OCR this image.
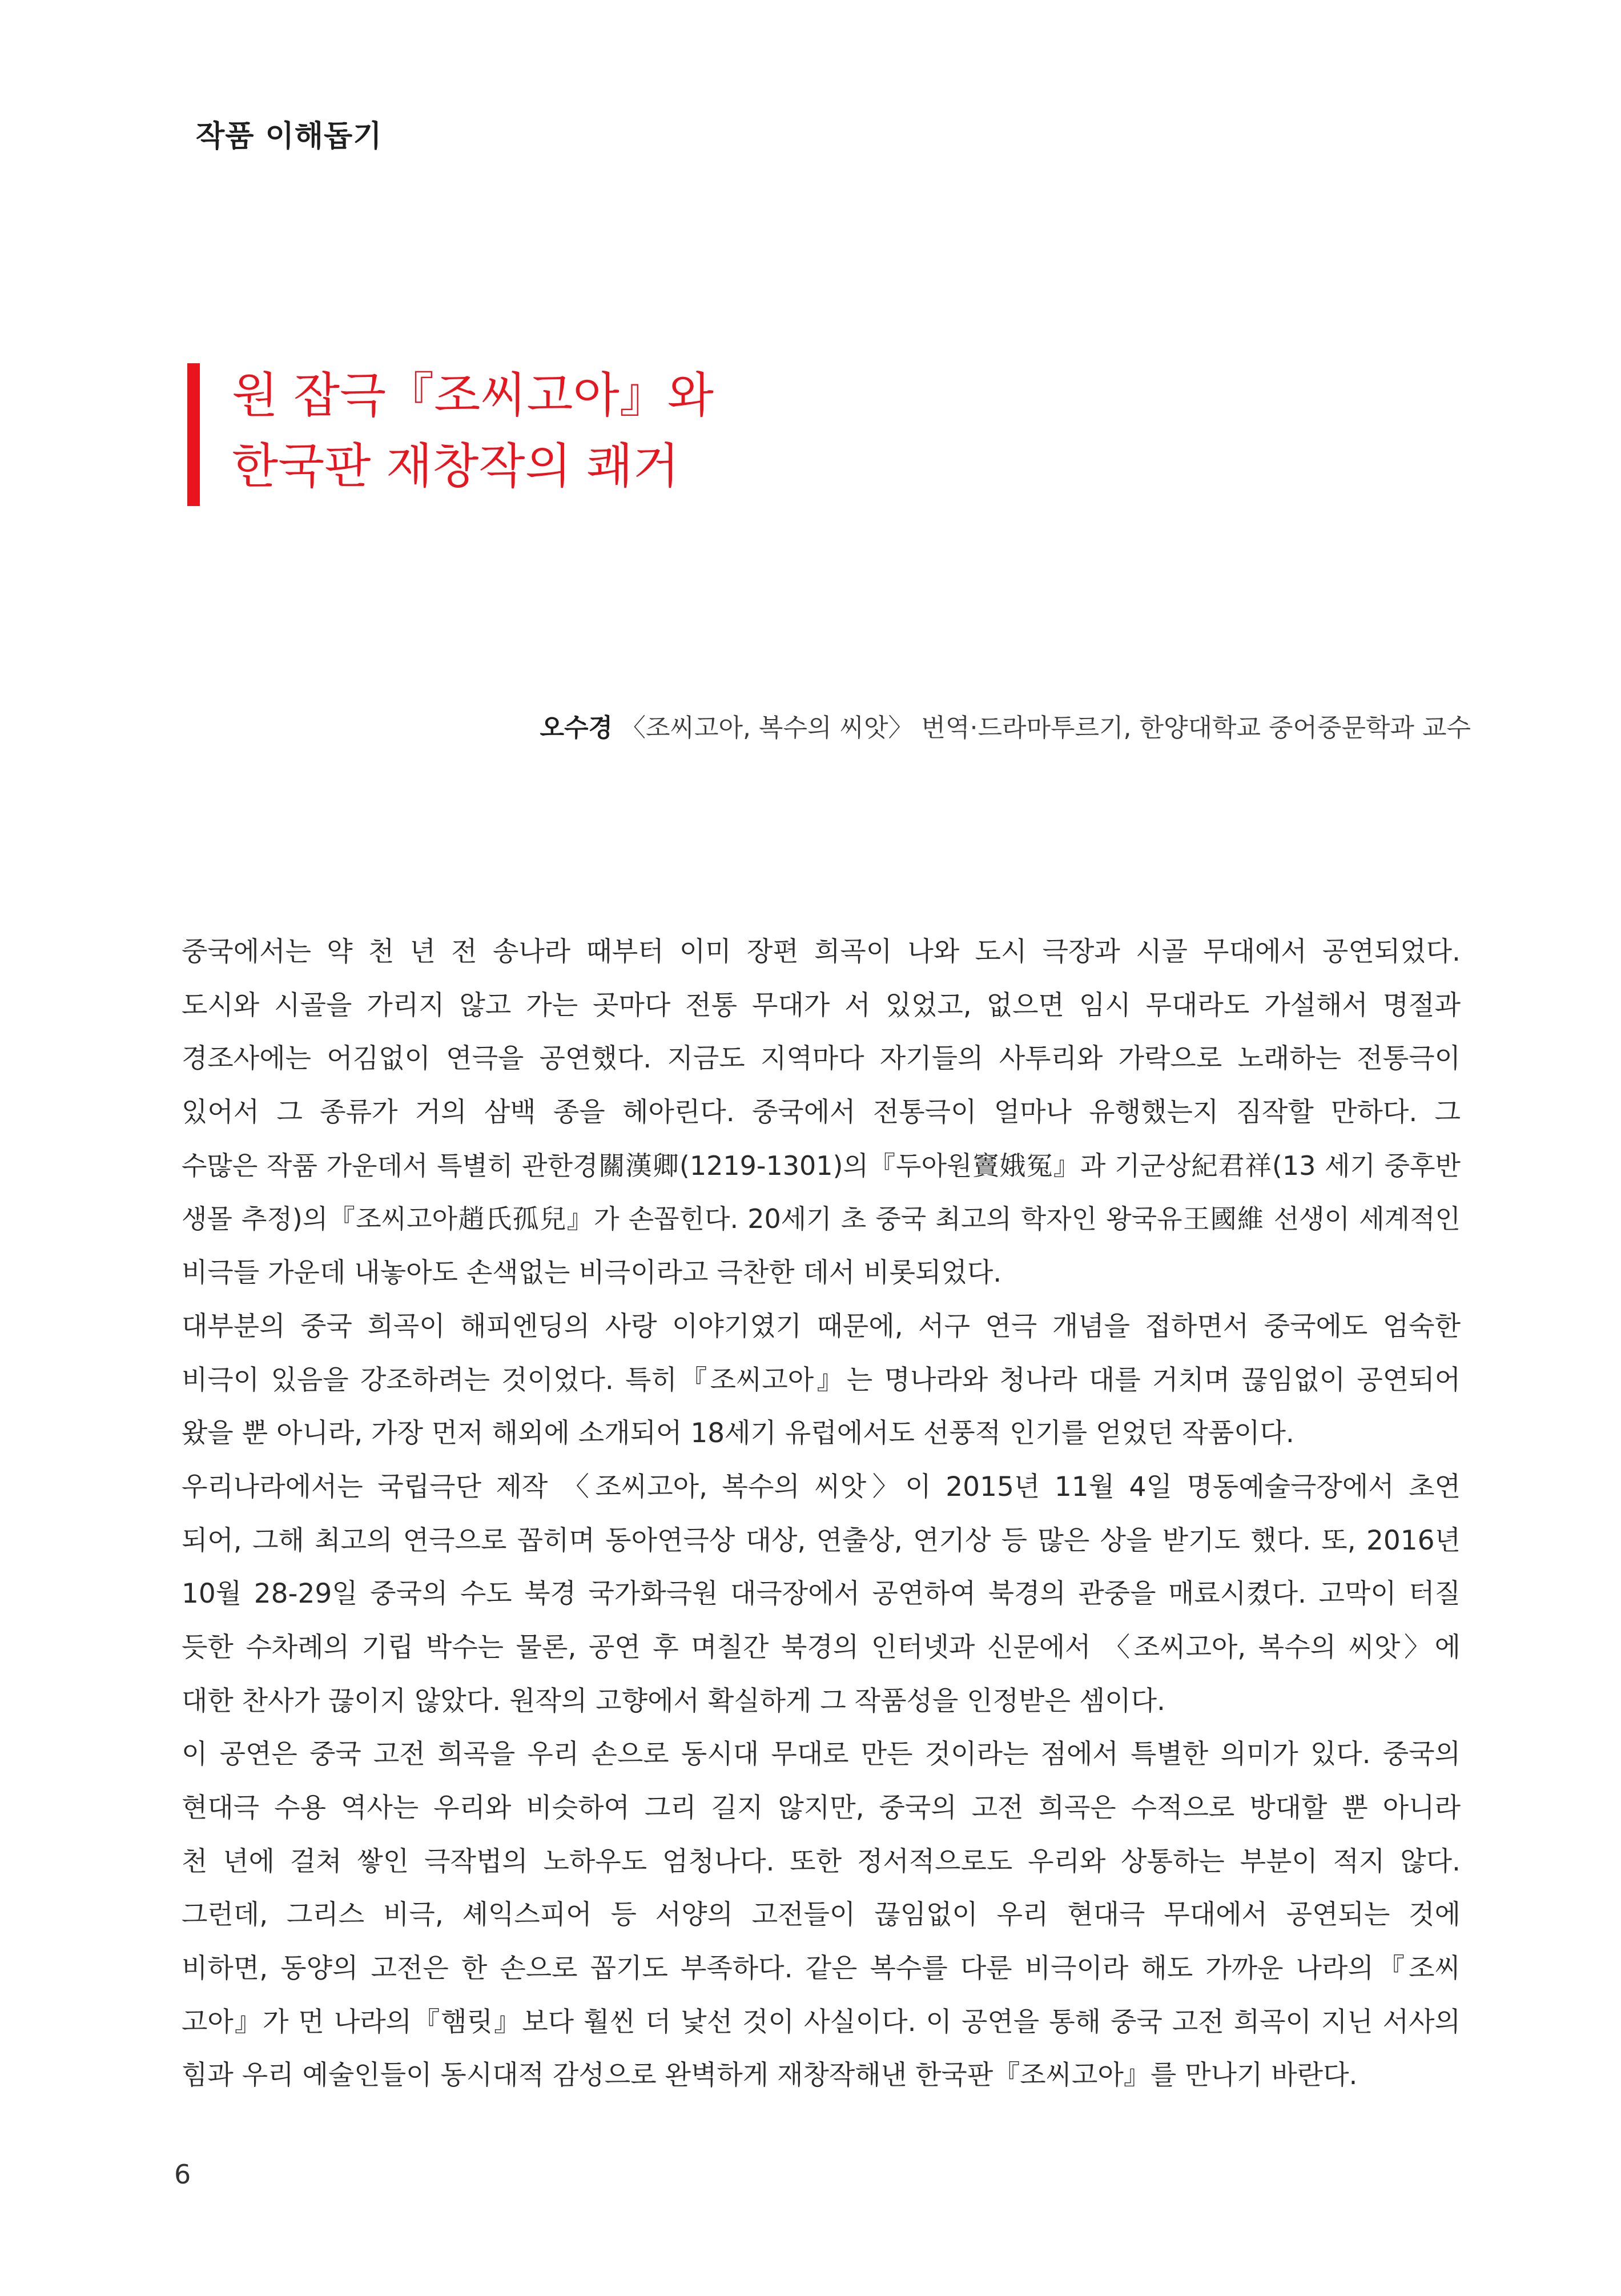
작품 이해돕기
원 잡극『조씨고아』와
한국판 재창작의 쾌거
오수경 〈조씨고아, 복수의 씨앗〉 번역·드라마투르기, 한양대학교 중어중문학과 교수
중국에서는 약 천 년 전 송나라 때부터 이미 장편 희곡이 나와 도시 극장과 시골 무대에서 공연되었다.
도시와 시골을 가리지 않고 가는 곳마다 전통 무대가 서 있었고, 없으면 임시 무대라도 가설해서 명절과
경조사에는 어김없이 연극을 공연했다. 지금도 지역마다 자기들의 사투리와 가락으로 노래하는 전통극이
있어서 그 종류가 거의 삼백 종을 헤아린다. 중국에서 전통극이 얼마나 유행했는지 짐작할 만하다. 그
수많은 작품 가운데서 특별히 관한경關漢卿(1219-1301)의『두아원竇娥冤』과 기군상紀君祥(13 세기 중후반
생몰 추정)의『조씨고아趙氏孤兒』가 손꼽힌다. 20세기 초 중국 최고의 학자인 왕국유王國維 선생이 세계적인
비극들 가운데 내놓아도 손색없는 비극이라고 극찬한 데서 비롯되었다.
대부분의 중국 희곡이 해피엔딩의 사랑 이야기였기 때문에, 서구 연극 개념을 접하면서 중국에도 엄숙한
비극이 있음을 강조하려는 것이었다. 특히『조씨고아』는 명나라와 청나라 대를 거치며 끊임없이 공연되어
왔을 뿐 아니라, 가장 먼저 해외에 소개되어 18세기 유럽에서도 선풍적 인기를 얻었던 작품이다.
우리나라에서는 국립극단 제작 〈조씨고아, 복수의 씨앗〉이 2015년 11월 4일 명동예술극장에서 초연
되어, 그해 최고의 연극으로 꼽히며 동아연극상 대상, 연출상, 연기상 등 많은 상을 받기도 했다. 또, 2016년
10월 28-29일 중국의 수도 북경 국가화극원 대극장에서 공연하여 북경의 관중을 매료시켰다. 고막이 터질
듯한 수차례의 기립 박수는 물론, 공연 후 며칠간 북경의 인터넷과 신문에서 〈조씨고아, 복수의 씨앗〉에
대한 찬사가 끊이지 않았다. 원작의 고향에서 확실하게 그 작품성을 인정받은 셈이다.
이 공연은 중국 고전 희곡을 우리 손으로 동시대 무대로 만든 것이라는 점에서 특별한 의미가 있다. 중국의
현대극 수용 역사는 우리와 비슷하여 그리 길지 않지만, 중국의 고전 희곡은 수적으로 방대할 뿐 아니라
천 년에 걸쳐 쌓인 극작법의 노하우도 엄청나다. 또한 정서적으로도 우리와 상통하는 부분이 적지 않다.
그런데, 그리스 비극, 셰익스피어 등 서양의 고전들이 끊임없이 우리 현대극 무대에서 공연되는 것에
비하면, 동양의 고전은 한 손으로 꼽기도 부족하다. 같은 복수를 다룬 비극이라 해도 가까운 나라의『조씨
고아』가 먼 나라의『햄릿』보다 훨씬 더 낯선 것이 사실이다. 이 공연을 통해 중국 고전 희곡이 지닌 서사의
힘과 우리 예술인들이 동시대적 감성으로 완벽하게 재창작해낸 한국판『조씨고아』를 만나기 바란다.
6
